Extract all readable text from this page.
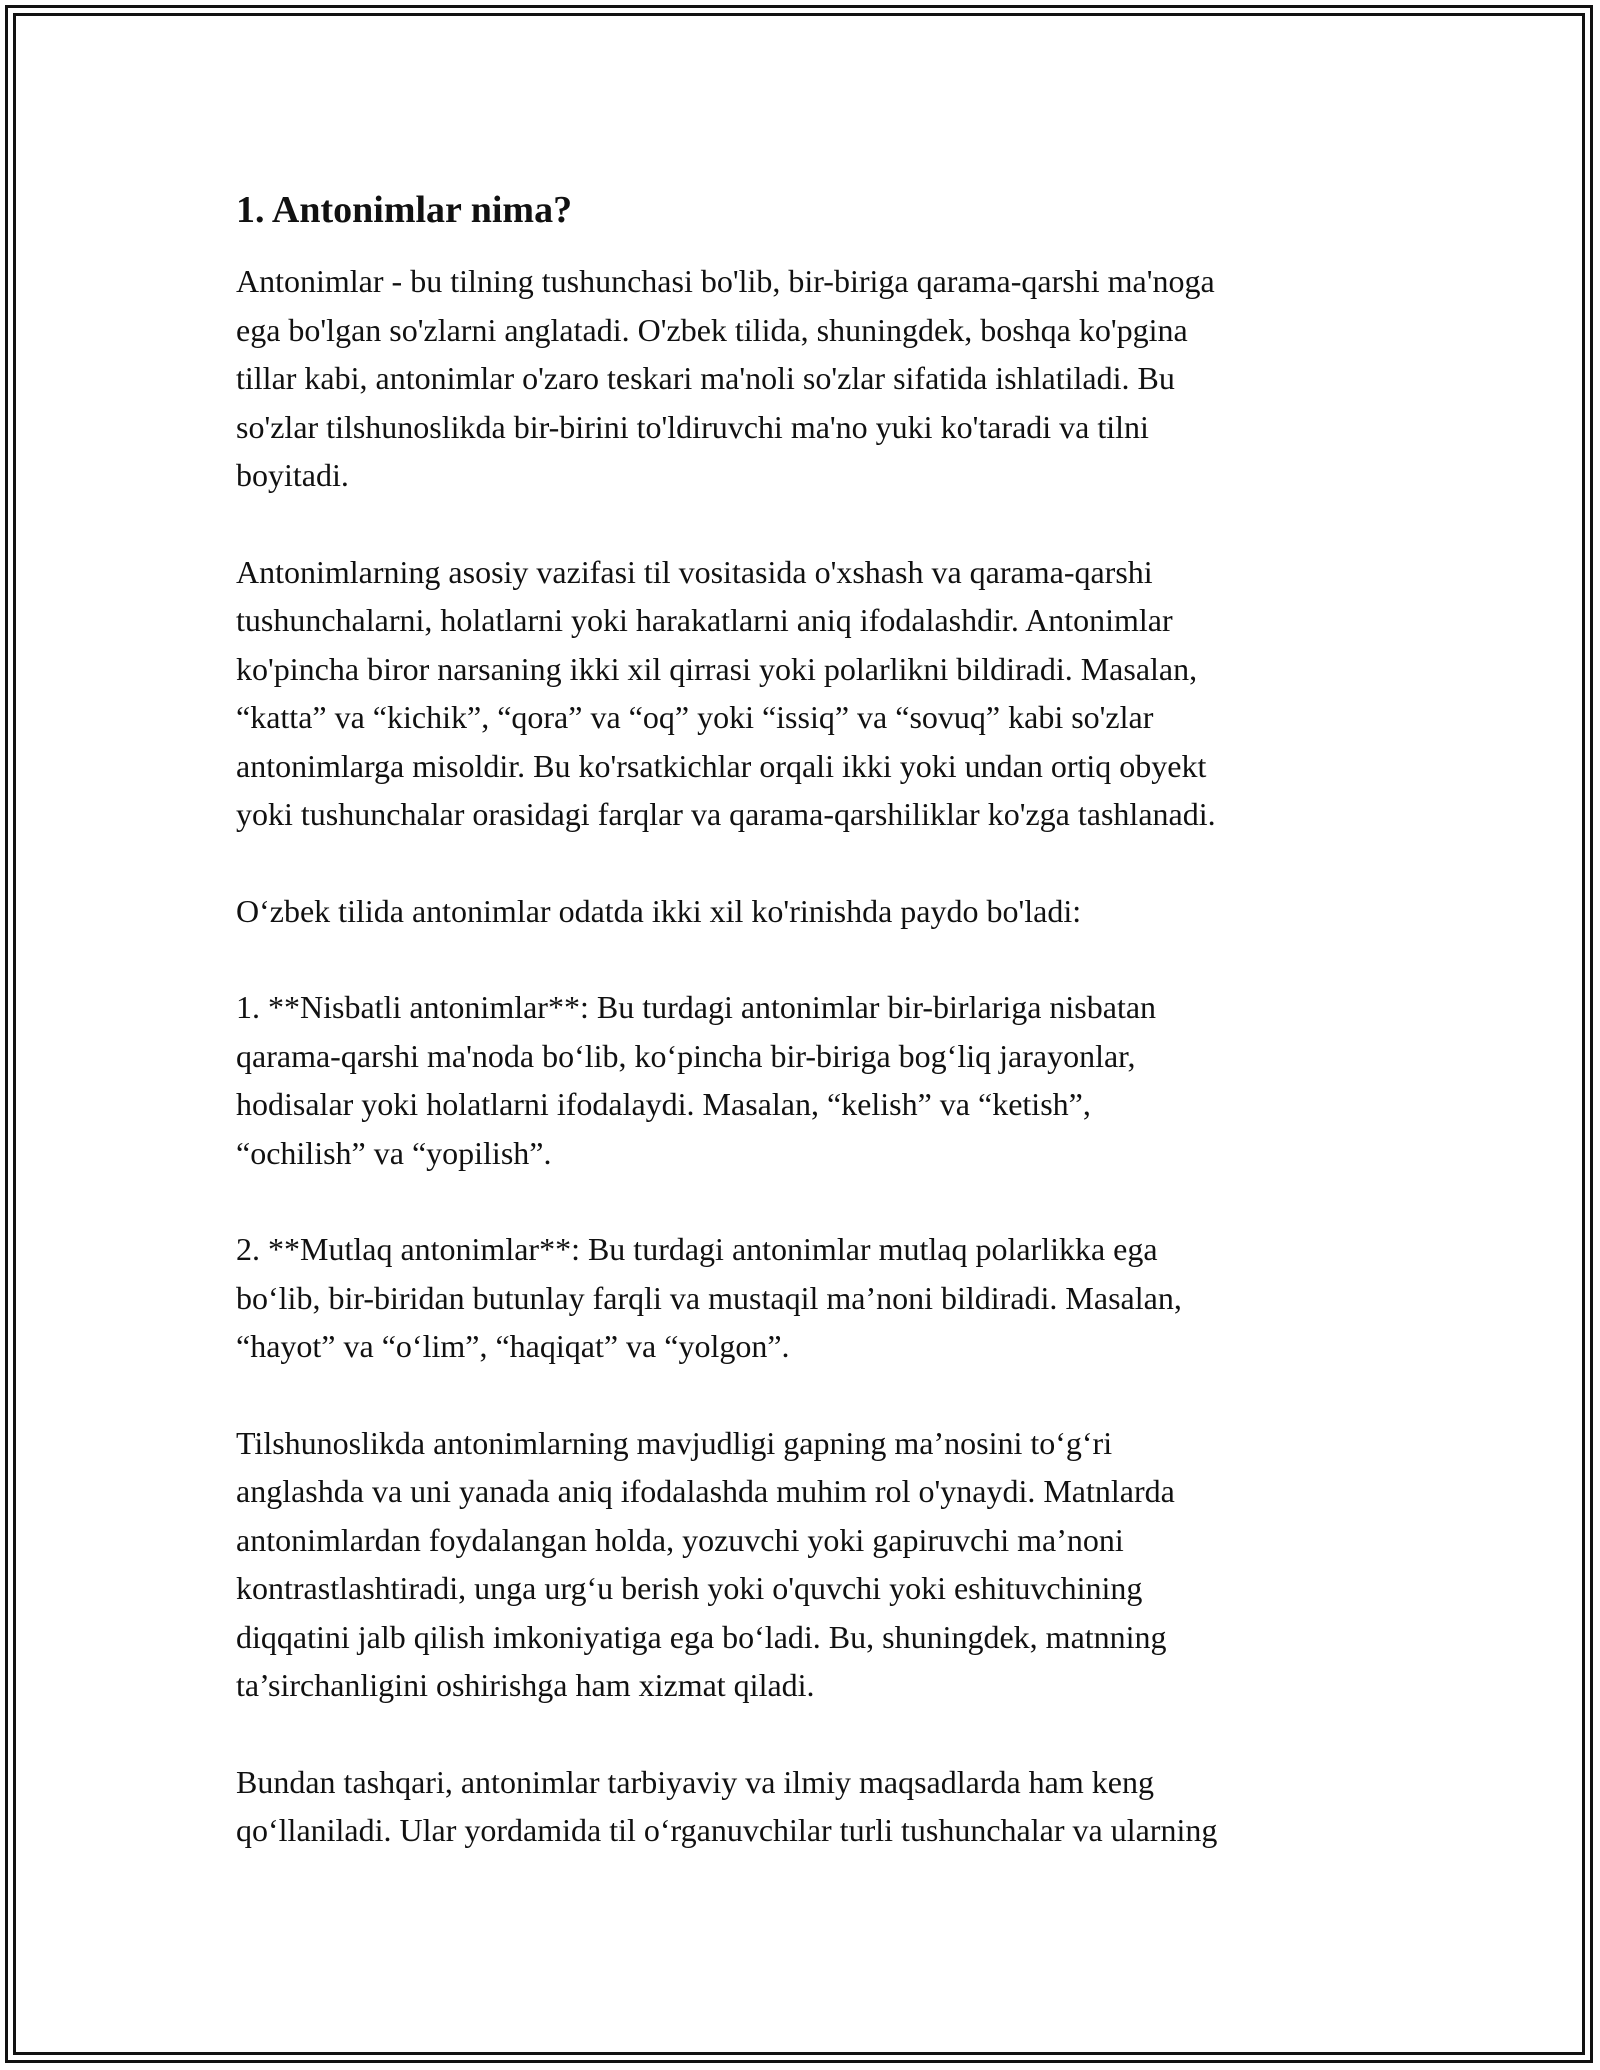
1. Antonimlar nima?

Antonimlar - bu tilning tushunchasi bo'lib, bir-biriga qarama-qarshi ma'noga
ega bo'lgan so'zlarni anglatadi. O'zbek tilida, shuningdek, boshqa ko'pgina
tillar kabi, antonimlar o'zaro teskari ma'noli so'zlar sifatida ishlatiladi. Bu
so'zlar tilshunoslikda bir-birini to'ldiruvchi ma'no yuki ko'taradi va tilni
boyitadi.

Antonimlarning asosiy vazifasi til vositasida o'xshash va qarama-qarshi
tushunchalarni, holatlarni yoki harakatlarni aniq ifodalashdir. Antonimlar
ko'pincha biror narsaning ikki xil qirrasi yoki polarlikni bildiradi. Masalan,
“katta” va “kichik”, “qora” va “oq” yoki “issiq” va “sovuq” kabi so'zlar
antonimlarga misoldir. Bu ko'rsatkichlar orqali ikki yoki undan ortiq obyekt
yoki tushunchalar orasidagi farqlar va qarama-qarshiliklar ko'zga tashlanadi.

O‘zbek tilida antonimlar odatda ikki xil ko'rinishda paydo bo'ladi:

1. **Nisbatli antonimlar**: Bu turdagi antonimlar bir-birlariga nisbatan
qarama-qarshi ma'noda bo‘lib, ko‘pincha bir-biriga bog‘liq jarayonlar,
hodisalar yoki holatlarni ifodalaydi. Masalan, “kelish” va “ketish”,
“ochilish” va “yopilish”.

2. **Mutlaq antonimlar**: Bu turdagi antonimlar mutlaq polarlikka ega
bo‘lib, bir-biridan butunlay farqli va mustaqil ma’noni bildiradi. Masalan,
“hayot” va “o‘lim”, “haqiqat” va “yolgon”.

Tilshunoslikda antonimlarning mavjudligi gapning ma’nosini to‘g‘ri
anglashda va uni yanada aniq ifodalashda muhim rol o'ynaydi. Matnlarda
antonimlardan foydalangan holda, yozuvchi yoki gapiruvchi ma’noni
kontrastlashtiradi, unga urg‘u berish yoki o'quvchi yoki eshituvchining
diqqatini jalb qilish imkoniyatiga ega bo‘ladi. Bu, shuningdek, matnning
ta’sirchanligini oshirishga ham xizmat qiladi.

Bundan tashqari, antonimlar tarbiyaviy va ilmiy maqsadlarda ham keng
qo‘llaniladi. Ular yordamida til o‘rganuvchilar turli tushunchalar va ularning
